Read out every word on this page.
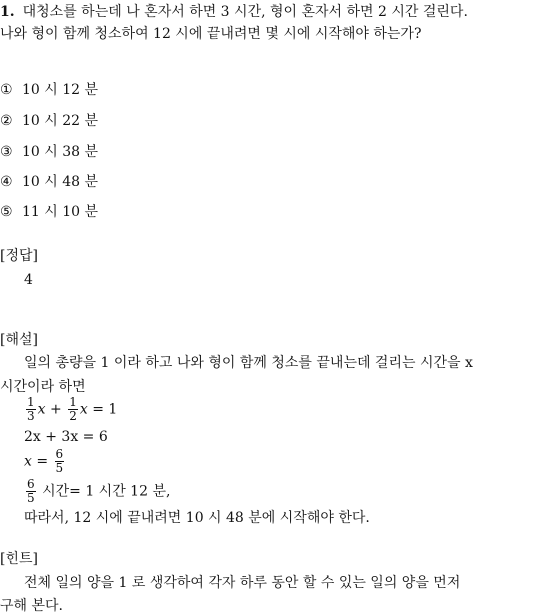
1. 대청소를 하는데 나 혼자서 하면 3 시간, 형이 혼자서 하면 2 시간 걸린다.
나와 형이 함께 청소하여 12 시에 끝내려면 몇 시에 시작해야 하는가?
① 10 시 12 분
② 10 시 22 분
③ 10 시 38 분
④ 10 시 48 분
⑤ 11 시 10 분
[정답]
4
[해설]
일의 총량을 1 이라 하고 나와 형이 함께 청소를 끝내는데 걸리는 시간을 x
시간이라 하면
$\frac{1}{3}$ $x + \frac{1}{2}$ x = 1
2x + 3x = 6
$x = \frac{6}{5}$
$\frac{6}{5}$ 시간= 1 시간 12 분,
따라서, 12 시에 끝내려면 10 시 48 분에 시작해야 한다.
[힌트]
전체 일의 양을 1 로 생각하여 각자 하루 동안 할 수 있는 일의 양을 먼저
구해 본다.
